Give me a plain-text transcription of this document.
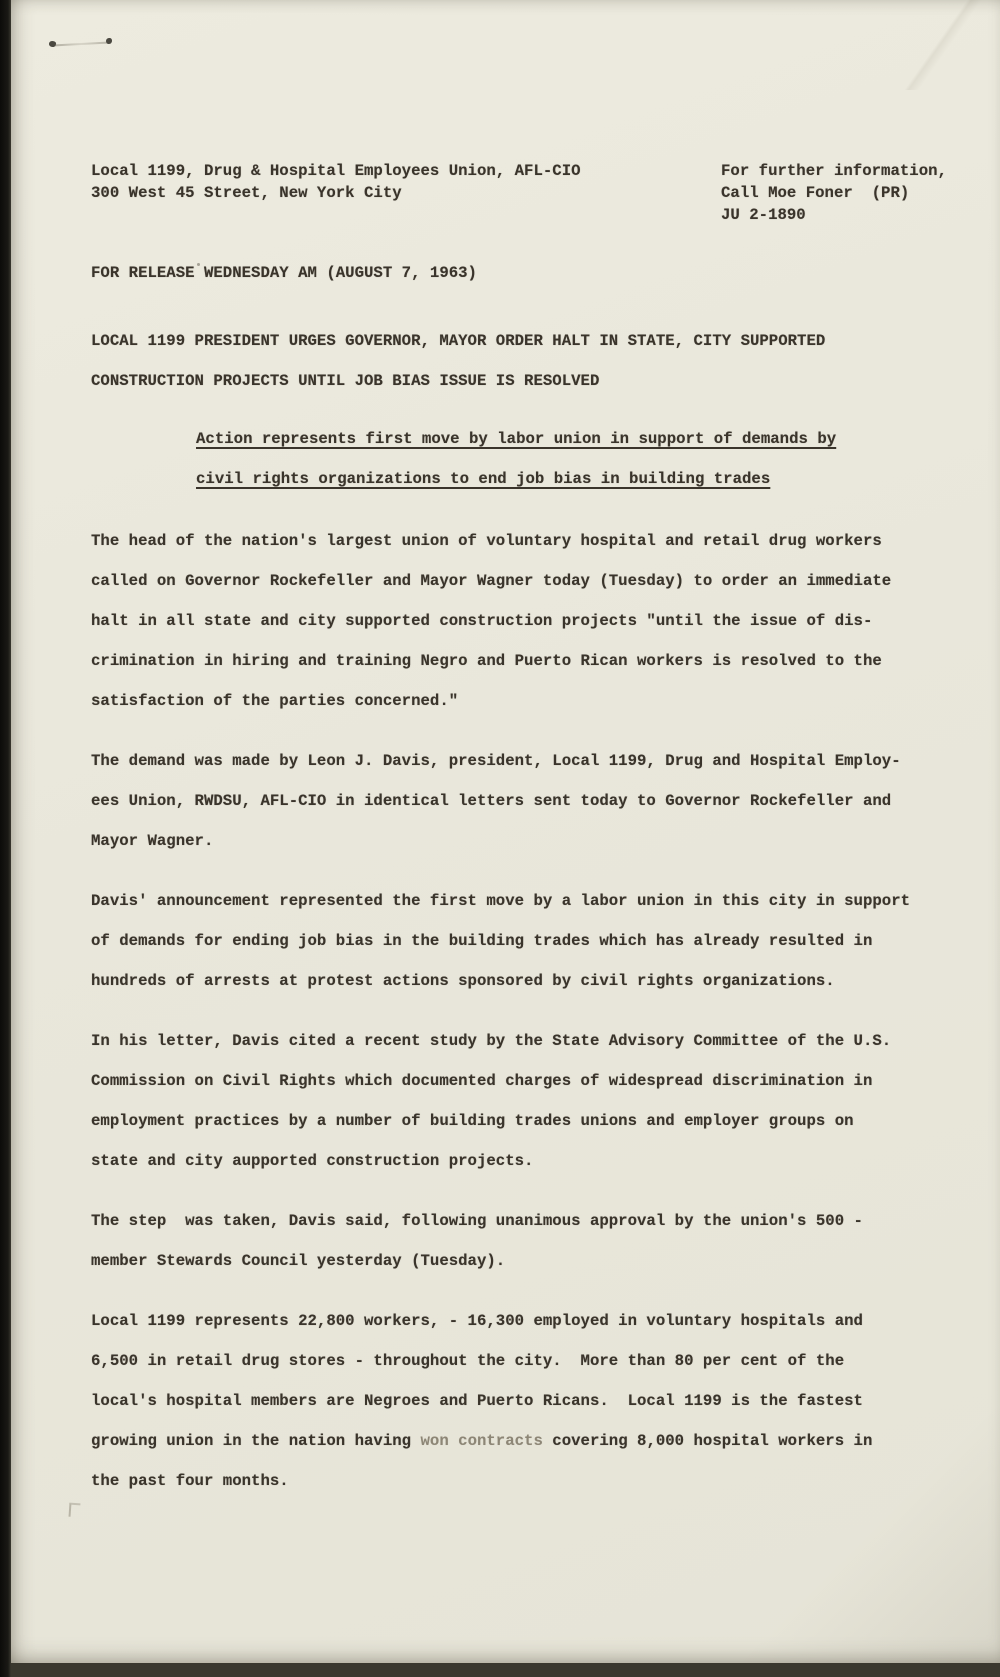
Local 1199, Drug & Hospital Employees Union, AFL-CIO
300 West 45 Street, New York City
For further information,
Call Moe Foner  (PR)
JU 2-1890
FOR RELEASE WEDNESDAY AM (AUGUST 7, 1963)
LOCAL 1199 PRESIDENT URGES GOVERNOR, MAYOR ORDER HALT IN STATE, CITY SUPPORTED
CONSTRUCTION PROJECTS UNTIL JOB BIAS ISSUE IS RESOLVED
Action represents first move by labor union in support of demands by
civil rights organizations to end job bias in building trades
The head of the nation's largest union of voluntary hospital and retail drug workers
called on Governor Rockefeller and Mayor Wagner today (Tuesday) to order an immediate
halt in all state and city supported construction projects "until the issue of dis-
crimination in hiring and training Negro and Puerto Rican workers is resolved to the
satisfaction of the parties concerned."
The demand was made by Leon J. Davis, president, Local 1199, Drug and Hospital Employ-
ees Union, RWDSU, AFL-CIO in identical letters sent today to Governor Rockefeller and
Mayor Wagner.
Davis' announcement represented the first move by a labor union in this city in support
of demands for ending job bias in the building trades which has already resulted in
hundreds of arrests at protest actions sponsored by civil rights organizations.
In his letter, Davis cited a recent study by the State Advisory Committee of the U.S.
Commission on Civil Rights which documented charges of widespread discrimination in
employment practices by a number of building trades unions and employer groups on
state and city aupported construction projects.
The step  was taken, Davis said, following unanimous approval by the union's 500 -
member Stewards Council yesterday (Tuesday).
Local 1199 represents 22,800 workers, - 16,300 employed in voluntary hospitals and
6,500 in retail drug stores - throughout the city.  More than 80 per cent of the
local's hospital members are Negroes and Puerto Ricans.  Local 1199 is the fastest
growing union in the nation having won contracts covering 8,000 hospital workers in
the past four months.
